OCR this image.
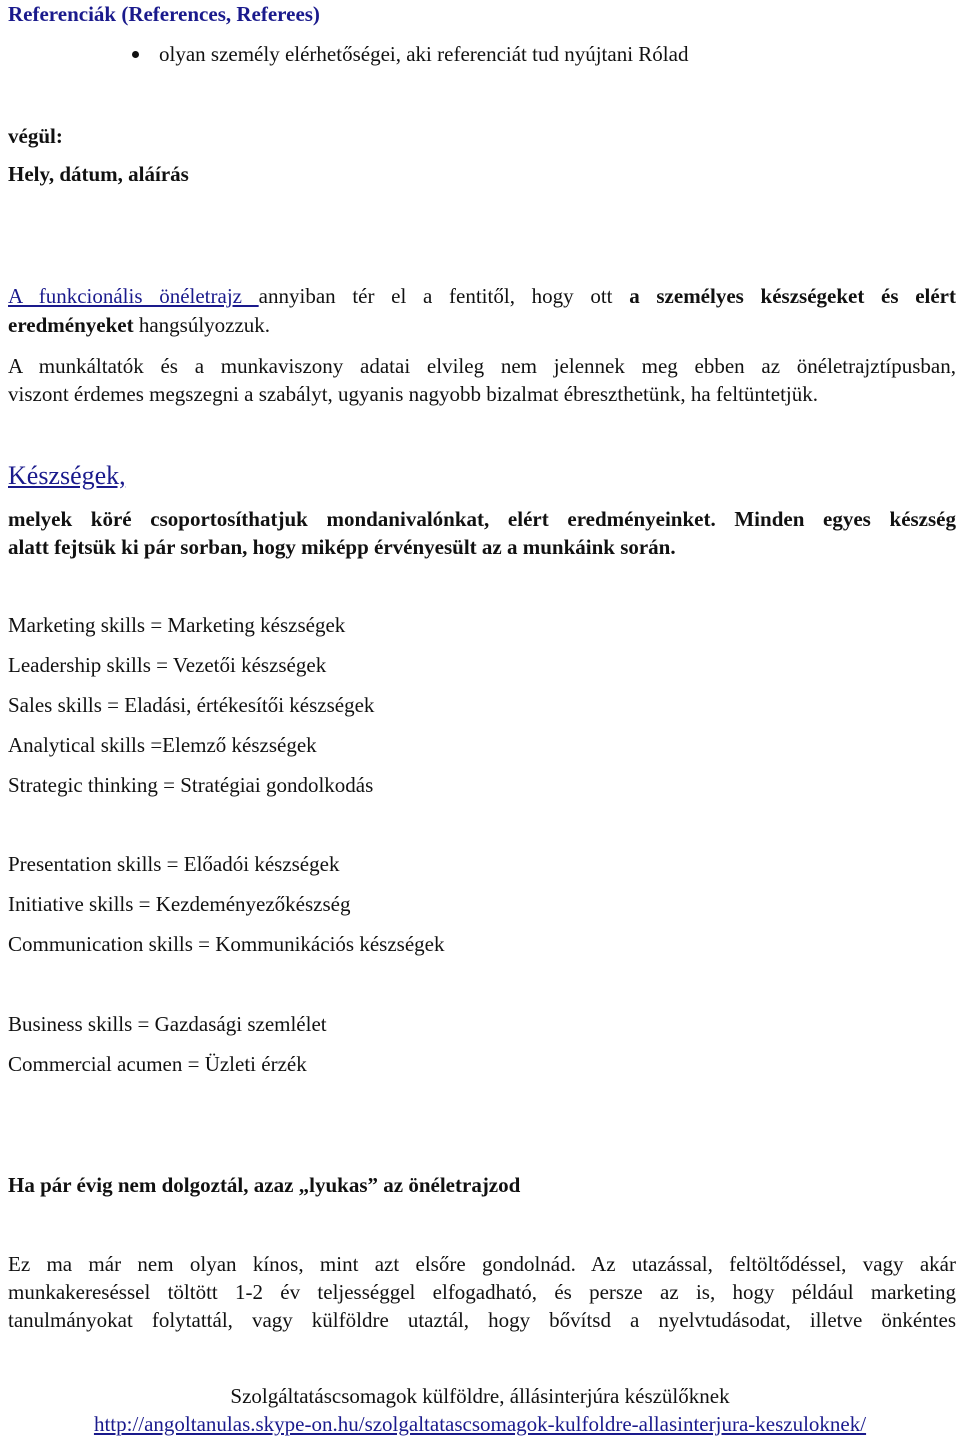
Referenciák (References, Referees)
olyan személy elérhetőségei, aki referenciát tud nyújtani Rólad
végül:
Hely, dátum, aláírás
A funkcionális önéletrajz annyiban tér el a fentitől, hogy ott a személyes készségeket és elért
eredményeket hangsúlyozzuk.
A munkáltatók és a munkaviszony adatai elvileg nem jelennek meg ebben az önéletrajztípusban,
viszont érdemes megszegni a szabályt, ugyanis nagyobb bizalmat ébreszthetünk, ha feltüntetjük.
Készségek,
melyek köré csoportosíthatjuk mondanivalónkat, elért eredményeinket. Minden egyes készség
alatt fejtsük ki pár sorban, hogy miképp érvényesült az a munkáink során.
Marketing skills = Marketing készségek
Leadership skills = Vezetői készségek
Sales skills = Eladási, értékesítői készségek
Analytical skills =Elemző készségek
Strategic thinking = Stratégiai gondolkodás
Presentation skills = Előadói készségek
Initiative skills = Kezdeményezőkészség
Communication skills = Kommunikációs készségek
Business skills = Gazdasági szemlélet
Commercial acumen = Üzleti érzék
Ha pár évig nem dolgoztál, azaz „lyukas” az önéletrajzod
Ez ma már nem olyan kínos, mint azt elsőre gondolnád. Az utazással, feltöltődéssel, vagy akár
munkakereséssel töltött 1-2 év teljességgel elfogadható, és persze az is, hogy például marketing
tanulmányokat folytattál, vagy külföldre utaztál, hogy bővítsd a nyelvtudásodat, illetve önkéntes
Szolgáltatáscsomagok külföldre, állásinterjúra készülőknek
http://angoltanulas.skype-on.hu/szolgaltatascsomagok-kulfoldre-allasinterjura-keszuloknek/
